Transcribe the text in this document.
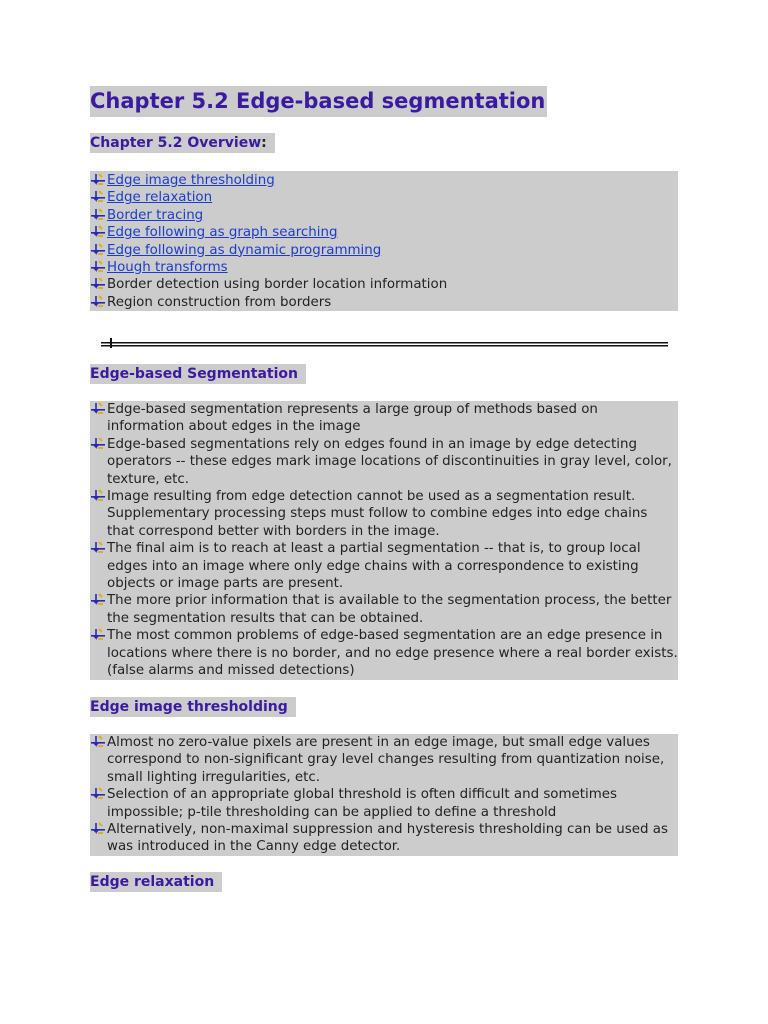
Chapter 5.2 Edge-based segmentation
Chapter 5.2 Overview:
Edge image thresholding
Edge relaxation
Border tracing
Edge following as graph searching
Edge following as dynamic programming
Hough transforms
Border detection using border location information
Region construction from borders
Edge-based Segmentation
Edge-based segmentation represents a large group of methods based on information about edges in the image
Edge-based segmentations rely on edges found in an image by edge detecting operators -- these edges mark image locations of discontinuities in gray level, color, texture, etc.
Image resulting from edge detection cannot be used as a segmentation result. Supplementary processing steps must follow to combine edges into edge chains that correspond better with borders in the image.
The final aim is to reach at least a partial segmentation -- that is, to group local edges into an image where only edge chains with a correspondence to existing objects or image parts are present.
The more prior information that is available to the segmentation process, the better the segmentation results that can be obtained.
The most common problems of edge-based segmentation are an edge presence in locations where there is no border, and no edge presence where a real border exists. (false alarms and missed detections)
Edge image thresholding
Almost no zero-value pixels are present in an edge image, but small edge values correspond to non-significant gray level changes resulting from quantization noise, small lighting irregularities, etc.
Selection of an appropriate global threshold is often difficult and sometimes impossible; p-tile thresholding can be applied to define a threshold
Alternatively, non-maximal suppression and hysteresis thresholding can be used as was introduced in the Canny edge detector.
Edge relaxation
